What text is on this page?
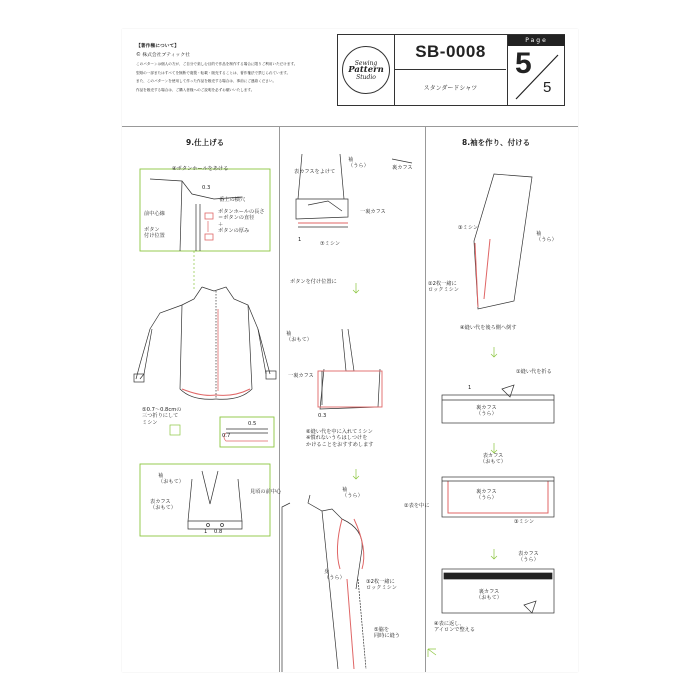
【著作権について】
© 株式会社ブティック社
このパターンは個人の方が、ご自分で楽しむ目的で作品を制作する場合に限りご利用いただけます。
型紙の一部またはすべてを無断で複製・転載・販売することは、著作権法で禁じられています。
また、このパターンを使用して作った作品を販売する場合は、事前にご連絡ください。
作品を販売する場合は、ご購入者様へのご説明を必ずお願いいたします。
Sewing
Pattern
Studio
SB-0008
スタンダードシャツ
Page
5
5
9.仕上げる	8.袖を作り、付ける
④ボタンホールをあける
0.3
一番上の横穴
前中心線
ボタン
付け位置
ボタンホールの長さ
＝ボタンの直径
＋
ボタンの厚み
⑤0.7〜0.8cmの
三つ折りにして
ミシン
0.7
0.5
袖
（おもて）
表カフス
（おもて）
1 0.8
袖
（うら）
表カフスをよけて
裏カフス
一裏カフス
⑦ミシン
1
ボタンを付け位置に
袖
（おもて）
一裏カフス
0.3
⑥縫い代を中に入れてミシン
※慣れないうちはしつけを
かけることをおすすめします
袖
（うら）
見頃の前中心
身
（うら）
③2枚一緒に
ロックミシン
⑤脇を
同時に縫う
③ミシン
袖
（うら）
②2枚一緒に
ロックミシン
④縫い代を後ろ側へ倒す
①縫い代を折る
1
裏カフス
（うら）
表カフス
（おもて）
裏カフス
（うら）
②表を中に
③ミシン
表カフス
（うら）
裏カフス
（おもて）
④表に返し、
アイロンで整える
